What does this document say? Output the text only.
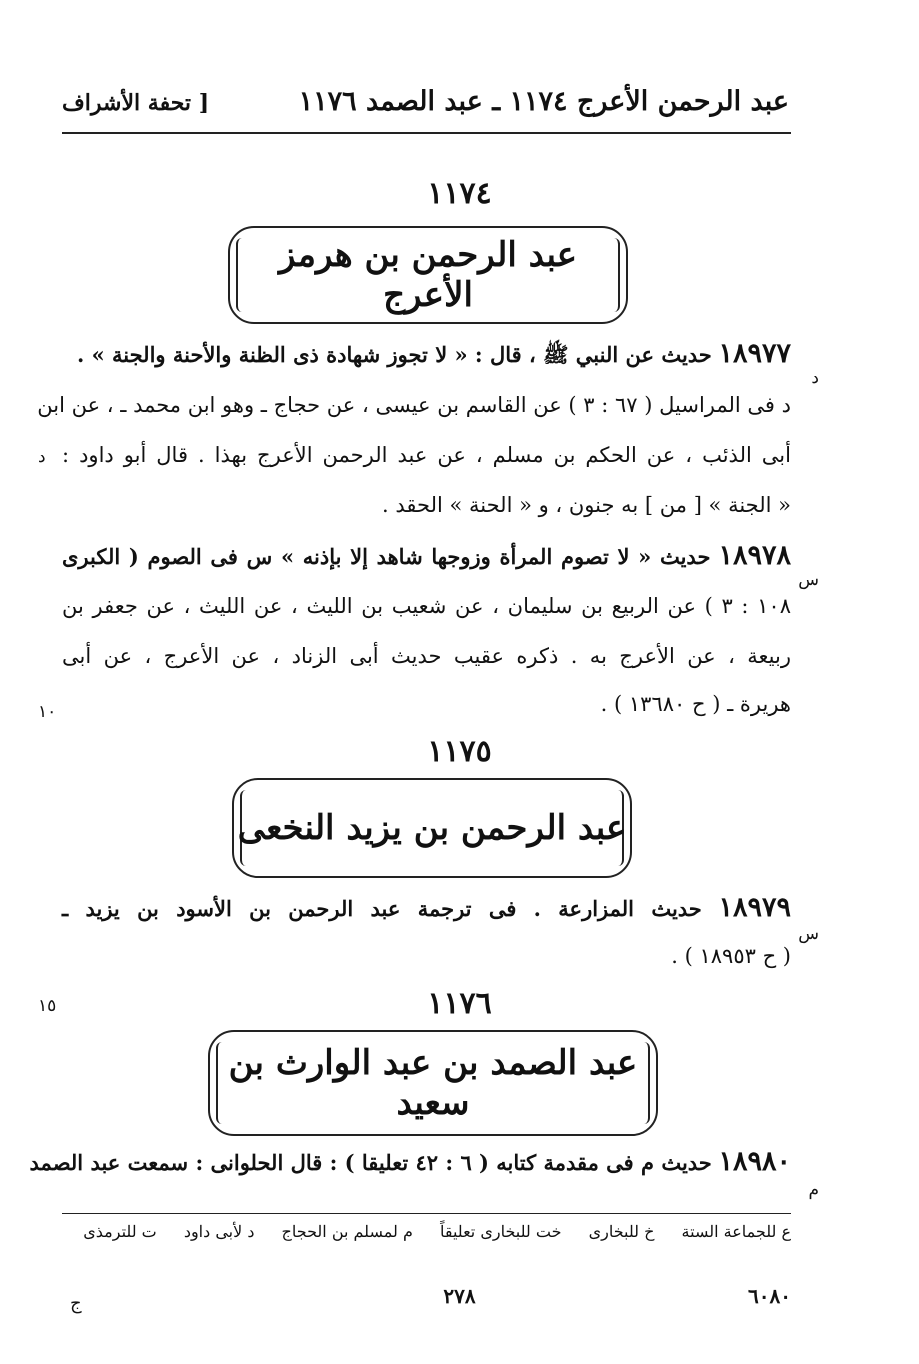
عبد الرحمن الأعرج ١١٧٤ ـ عبد الصمد ١١٧٦
[ تحفة الأشراف
١١٧٤
عبد الرحمن بن هرمز الأعرج
١٨٩٧٧ حديث عن النبي ﷺ ، قال : « لا تجوز شهادة ذى الظنة والأحنة والجنة » .
د
د فى المراسيل ( ٦٧ : ٣ ) عن القاسم بن عيسى ، عن حجاج ـ وهو ابن محمد ـ ، عن ابن
أبى الذئب ، عن الحكم بن مسلم ، عن عبد الرحمن الأعرج بهذا . قال أبو داود :
د
« الجنة » [ من ] به جنون ، و « الحنة » الحقد .
١٨٩٧٨ حديث « لا تصوم المرأة وزوجها شاهد إلا بإذنه » س فى الصوم ( الكبرى
س
١٠٨ : ٣ ) عن الربيع بن سليمان ، عن شعيب بن الليث ، عن الليث ، عن جعفر بن
ربيعة ، عن الأعرج به . ذكره عقيب حديث أبى الزناد ، عن الأعرج ، عن أبى
هريرة ـ ( ح ١٣٦٨٠ ) .
١٠
١١٧٥
عبد الرحمن بن يزيد النخعى
١٨٩٧٩ حديث المزارعة . فى ترجمة عبد الرحمن بن الأسود بن يزيد ـ
س
( ح ١٨٩٥٣ ) .
١١٧٦
١٥
عبد الصمد بن عبد الوارث بن سعيد
١٨٩٨٠ حديث م فى مقدمة كتابه ( ٦ : ٤٢ تعليقا ) : قال الحلوانى : سمعت عبد الصمد
م
ع للجماعة الستة خ للبخارى خت للبخارى تعليقاً م لمسلم بن الحجاج د لأبى داود ت للترمذى
٢٧٨	٦٠٨٠
ج
